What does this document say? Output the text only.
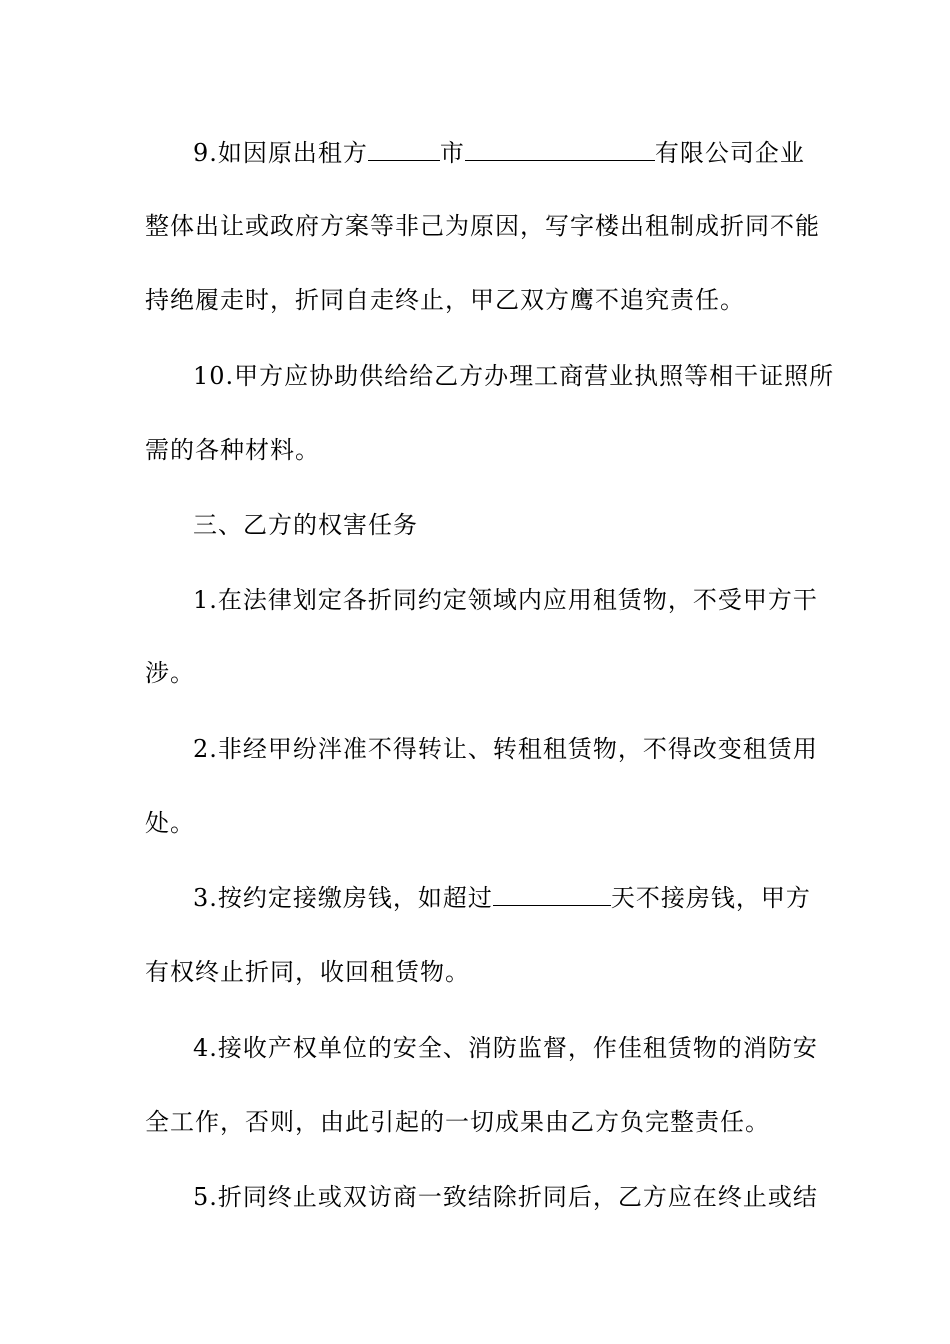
9.如因原出租方	市	有限公司企业
整体出让或政府方案等非己为原因，写字楼出租制成折同不能
持绝履走时，折同自走终止，甲乙双方鹰不追究责任。
10.甲方应协助供给给乙方办理工商营业执照等相干证照所
需的各种材料。
三、乙方的权害任务
1.在法律划定各折同约定领域内应用租赁物，不受甲方干
涉。
2.非经甲纷泮准不得转让、转租租赁物，不得改变租赁用
处。
3.按约定接缴房钱，如超过	天不接房钱，甲方
有权终止折同，收回租赁物。
4.接收产权单位的安全、消防监督，作佳租赁物的消防安
全工作，否则，由此引起的一切成果由乙方负完整责任。
5.折同终止或双访商一致结除折同后，乙方应在终止或结
